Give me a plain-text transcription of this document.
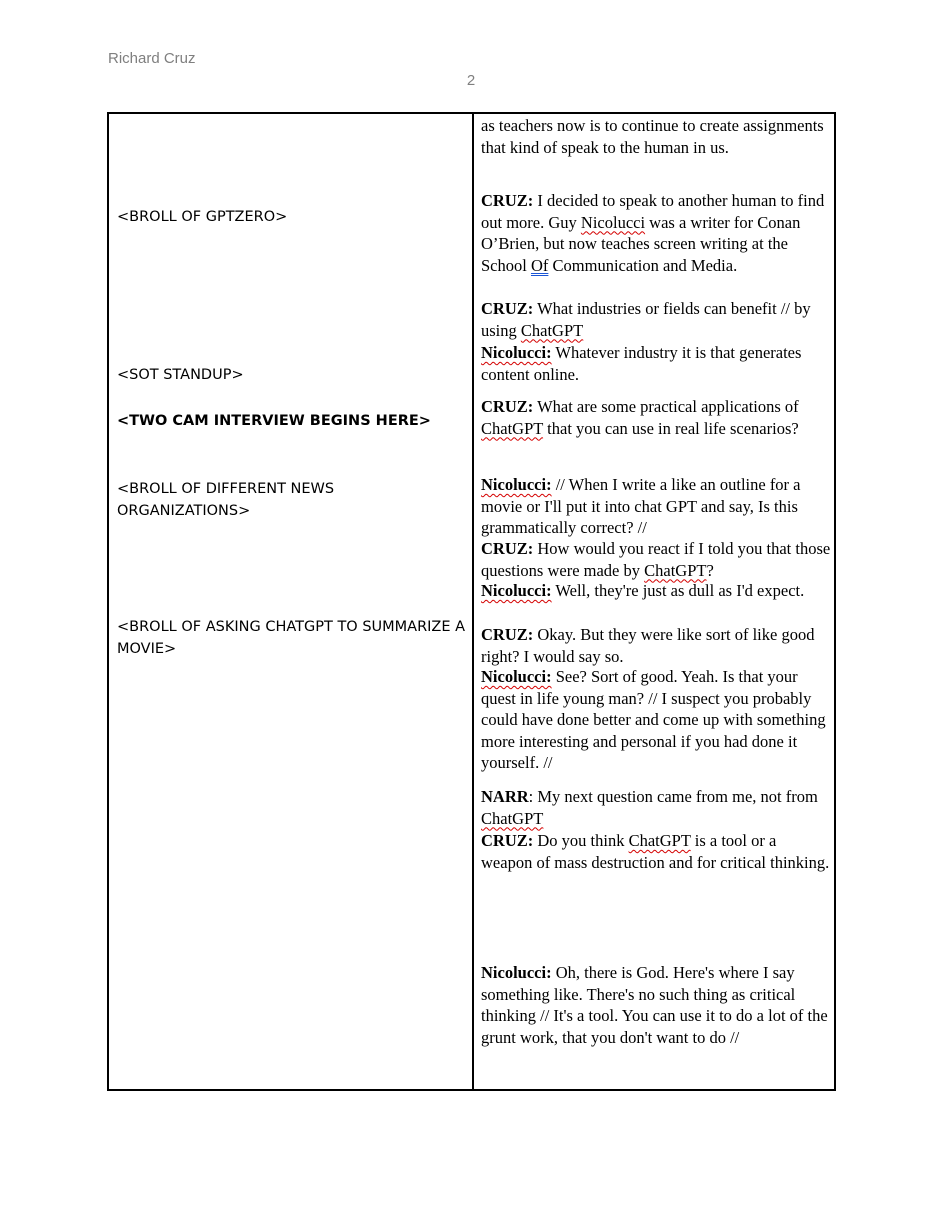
Richard Cruz
2
<BROLL OF GPTZERO>
<SOT STANDUP>
<TWO CAM INTERVIEW BEGINS HERE>
<BROLL OF DIFFERENT NEWS ORGANIZATIONS>
<BROLL OF ASKING CHATGPT TO SUMMARIZE A MOVIE>
as teachers now is to continue to create assignments that kind of speak to the human in us.
CRUZ: I decided to speak to another human to find out more. Guy Nicolucci was a writer for Conan O’Brien, but now teaches screen writing at the School Of Communication and Media.
CRUZ: What industries or fields can benefit // by using ChatGPT
Nicolucci: Whatever industry it is that generates content online.
CRUZ: What are some practical applications of ChatGPT that you can use in real life scenarios?
Nicolucci: // When I write a like an outline for a movie or I'll put it into chat GPT and say, Is this grammatically correct? //
CRUZ: How would you react if I told you that those questions were made by ChatGPT?
Nicolucci: Well, they're just as dull as I'd expect.
CRUZ: Okay. But they were like sort of like good right? I would say so.
Nicolucci: See? Sort of good. Yeah. Is that your quest in life young man? // I suspect you probably could have done better and come up with something more interesting and personal if you had done it yourself. //
NARR: My next question came from me, not from ChatGPT
CRUZ: Do you think ChatGPT is a tool or a weapon of mass destruction and for critical thinking.
Nicolucci: Oh, there is God. Here's where I say something like. There's no such thing as critical thinking // It's a tool. You can use it to do a lot of the grunt work, that you don't want to do //
